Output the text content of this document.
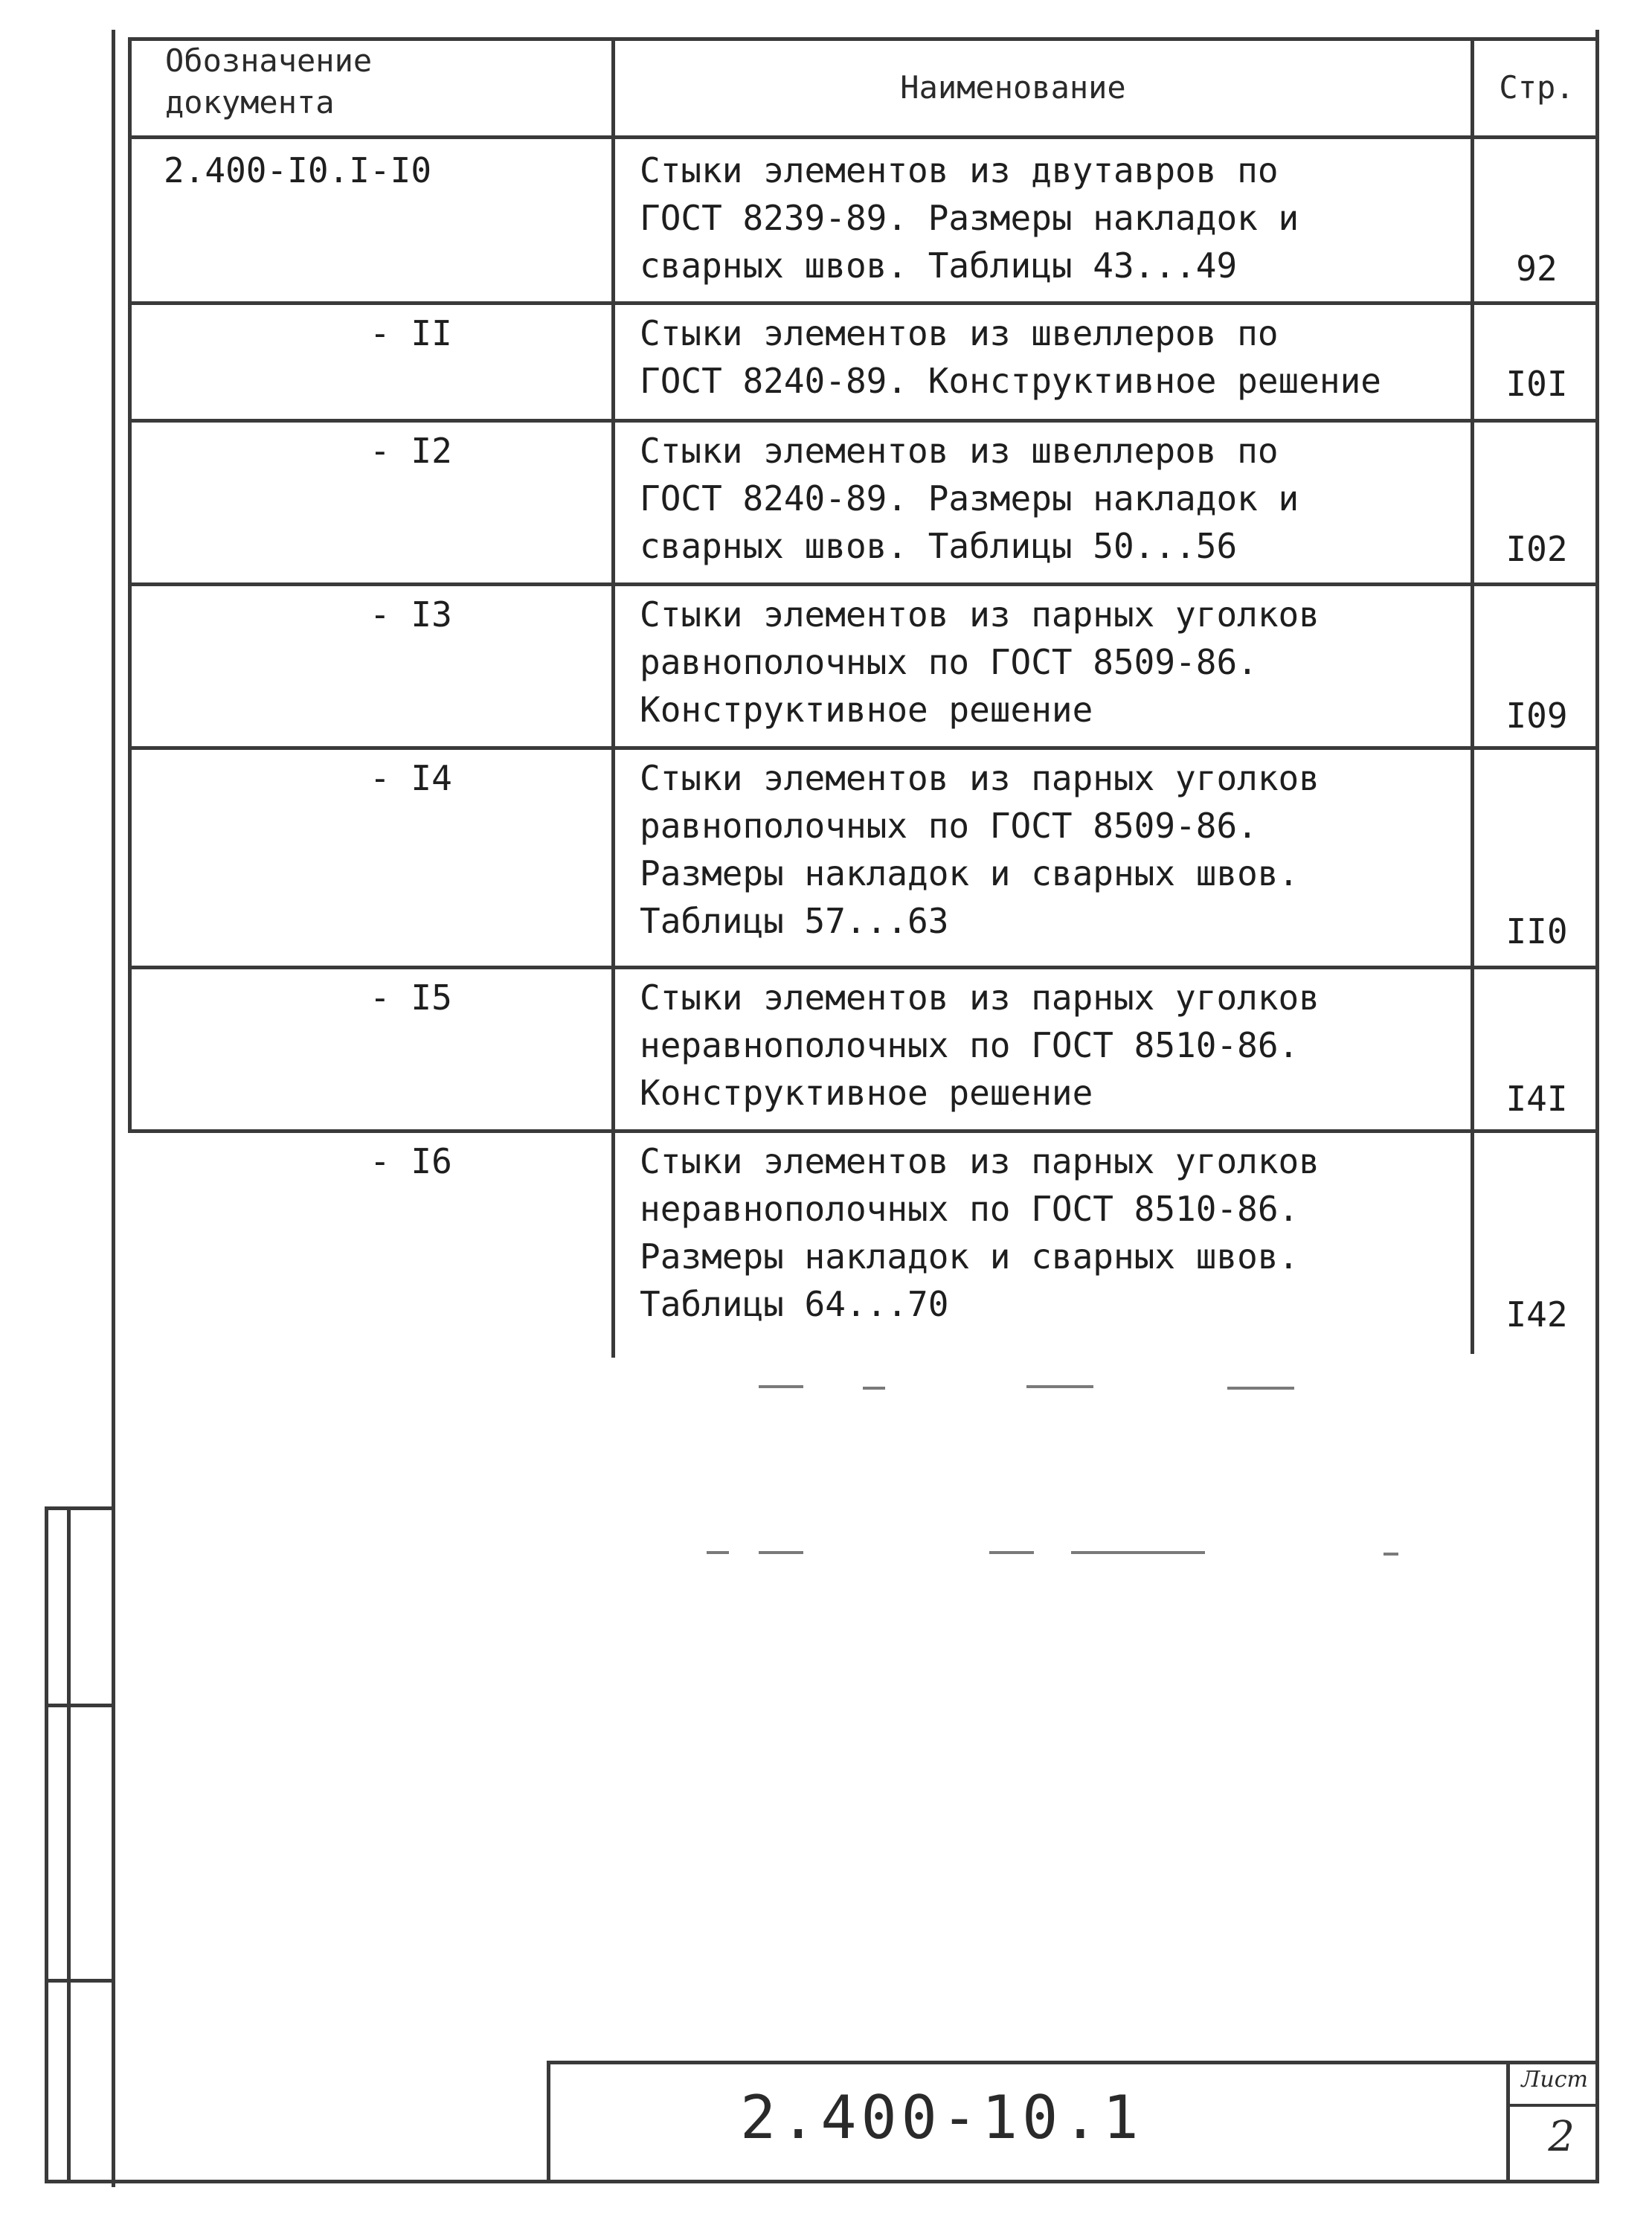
Обозначение
документа	Наименование	Стр.
2.400-I0.I-I0	Стыки элементов из двутавров по
ГОСТ 8239-89. Размеры накладок и
сварных швов. Таблицы 43...49	92
- II	Стыки элементов из швеллеров по
ГОСТ 8240-89. Конструктивное решение	I0I
- I2	Стыки элементов из швеллеров по
ГОСТ 8240-89. Размеры накладок и
сварных швов. Таблицы 50...56	I02
- I3	Стыки элементов из парных уголков
равнополочных по ГОСТ 8509-86.
Конструктивное решение	I09
- I4	Стыки элементов из парных уголков
равнополочных по ГОСТ 8509-86.
Размеры накладок и сварных швов.
Таблицы 57...63	II0
- I5	Стыки элементов из парных уголков
неравнополочных по ГОСТ 8510-86.
Конструктивное решение	I4I
- I6	Стыки элементов из парных уголков
неравнополочных по ГОСТ 8510-86.
Размеры накладок и сварных швов.
Таблицы 64...70	I42
2.400-10.1
Лист
2
